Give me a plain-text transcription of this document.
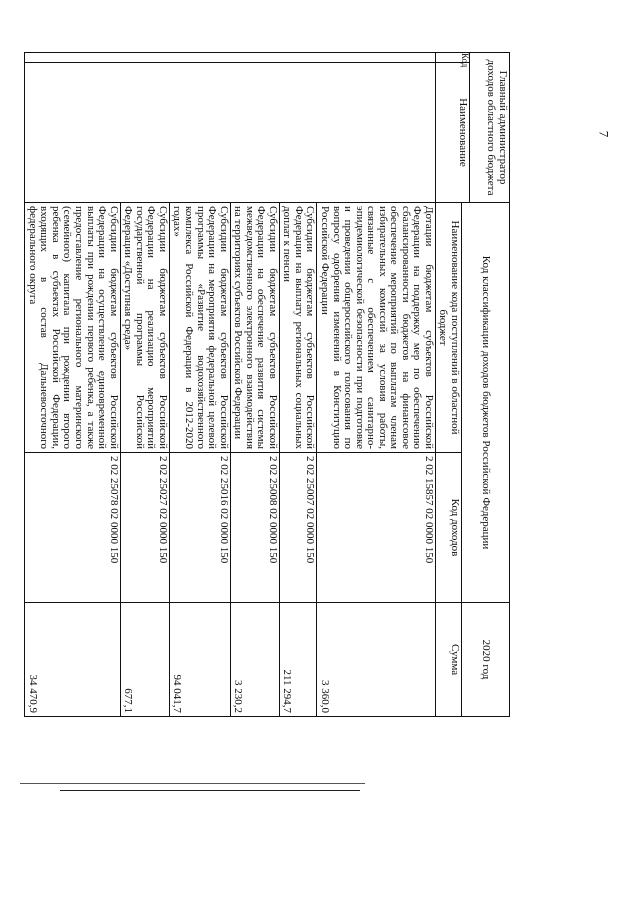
7
Главный администратор доходов областного бюджета		Код классификации доходов бюджетов Российской Федерации		2020 год
Код	Наименование			
		Наименование кода поступлений в областной бюджет	Код доходов	Сумма
		Дотации бюджетам субъектов Российской Федерации на поддержку мер по обеспечению сбалансированности бюджетов на финансовое обеспечение мероприятий по выплатам членам избирательных комиссий за условия работы, связанные с обеспечением санитарно-эпидемиологической безопасности при подготовке и проведении общероссийского голосования по вопросу одобрения изменений в Конституцию Российской Федерации	2 02 15857 02 0000 150	3 360,0
		Субсидии бюджетам субъектов Российской Федерации на выплату региональных социальных доплат к пенсии	2 02 25007 02 0000 150	211 294,7
		Субсидии бюджетам субъектов Российской Федерации на обеспечение развития системы межведомственного электронного взаимодействия на территориях субъектов Российской Федерации	2 02 25008 02 0000 150	3 230,2
		Субсидии бюджетам субъектов Российской Федерации на мероприятия федеральной целевой программы «Развитие водохозяйственного комплекса Российской Федерации в 2012-2020 годах»	2 02 25016 02 0000 150	94 041,7
		Субсидии бюджетам субъектов Российской Федерации на реализацию мероприятий государственной программы Российской Федерации «Доступная среда»	2 02 25027 02 0000 150	677,1
		Субсидии бюджетам субъектов Российской Федерации на осуществление единовременной выплаты при рождении первого ребенка, а также предоставление регионального материнского (семейного) капитала при рождении второго ребенка в субъектах Российской Федерации, входящих в состав Дальневосточного федерального округа	2 02 25078 02 0000 150	34 470,9
